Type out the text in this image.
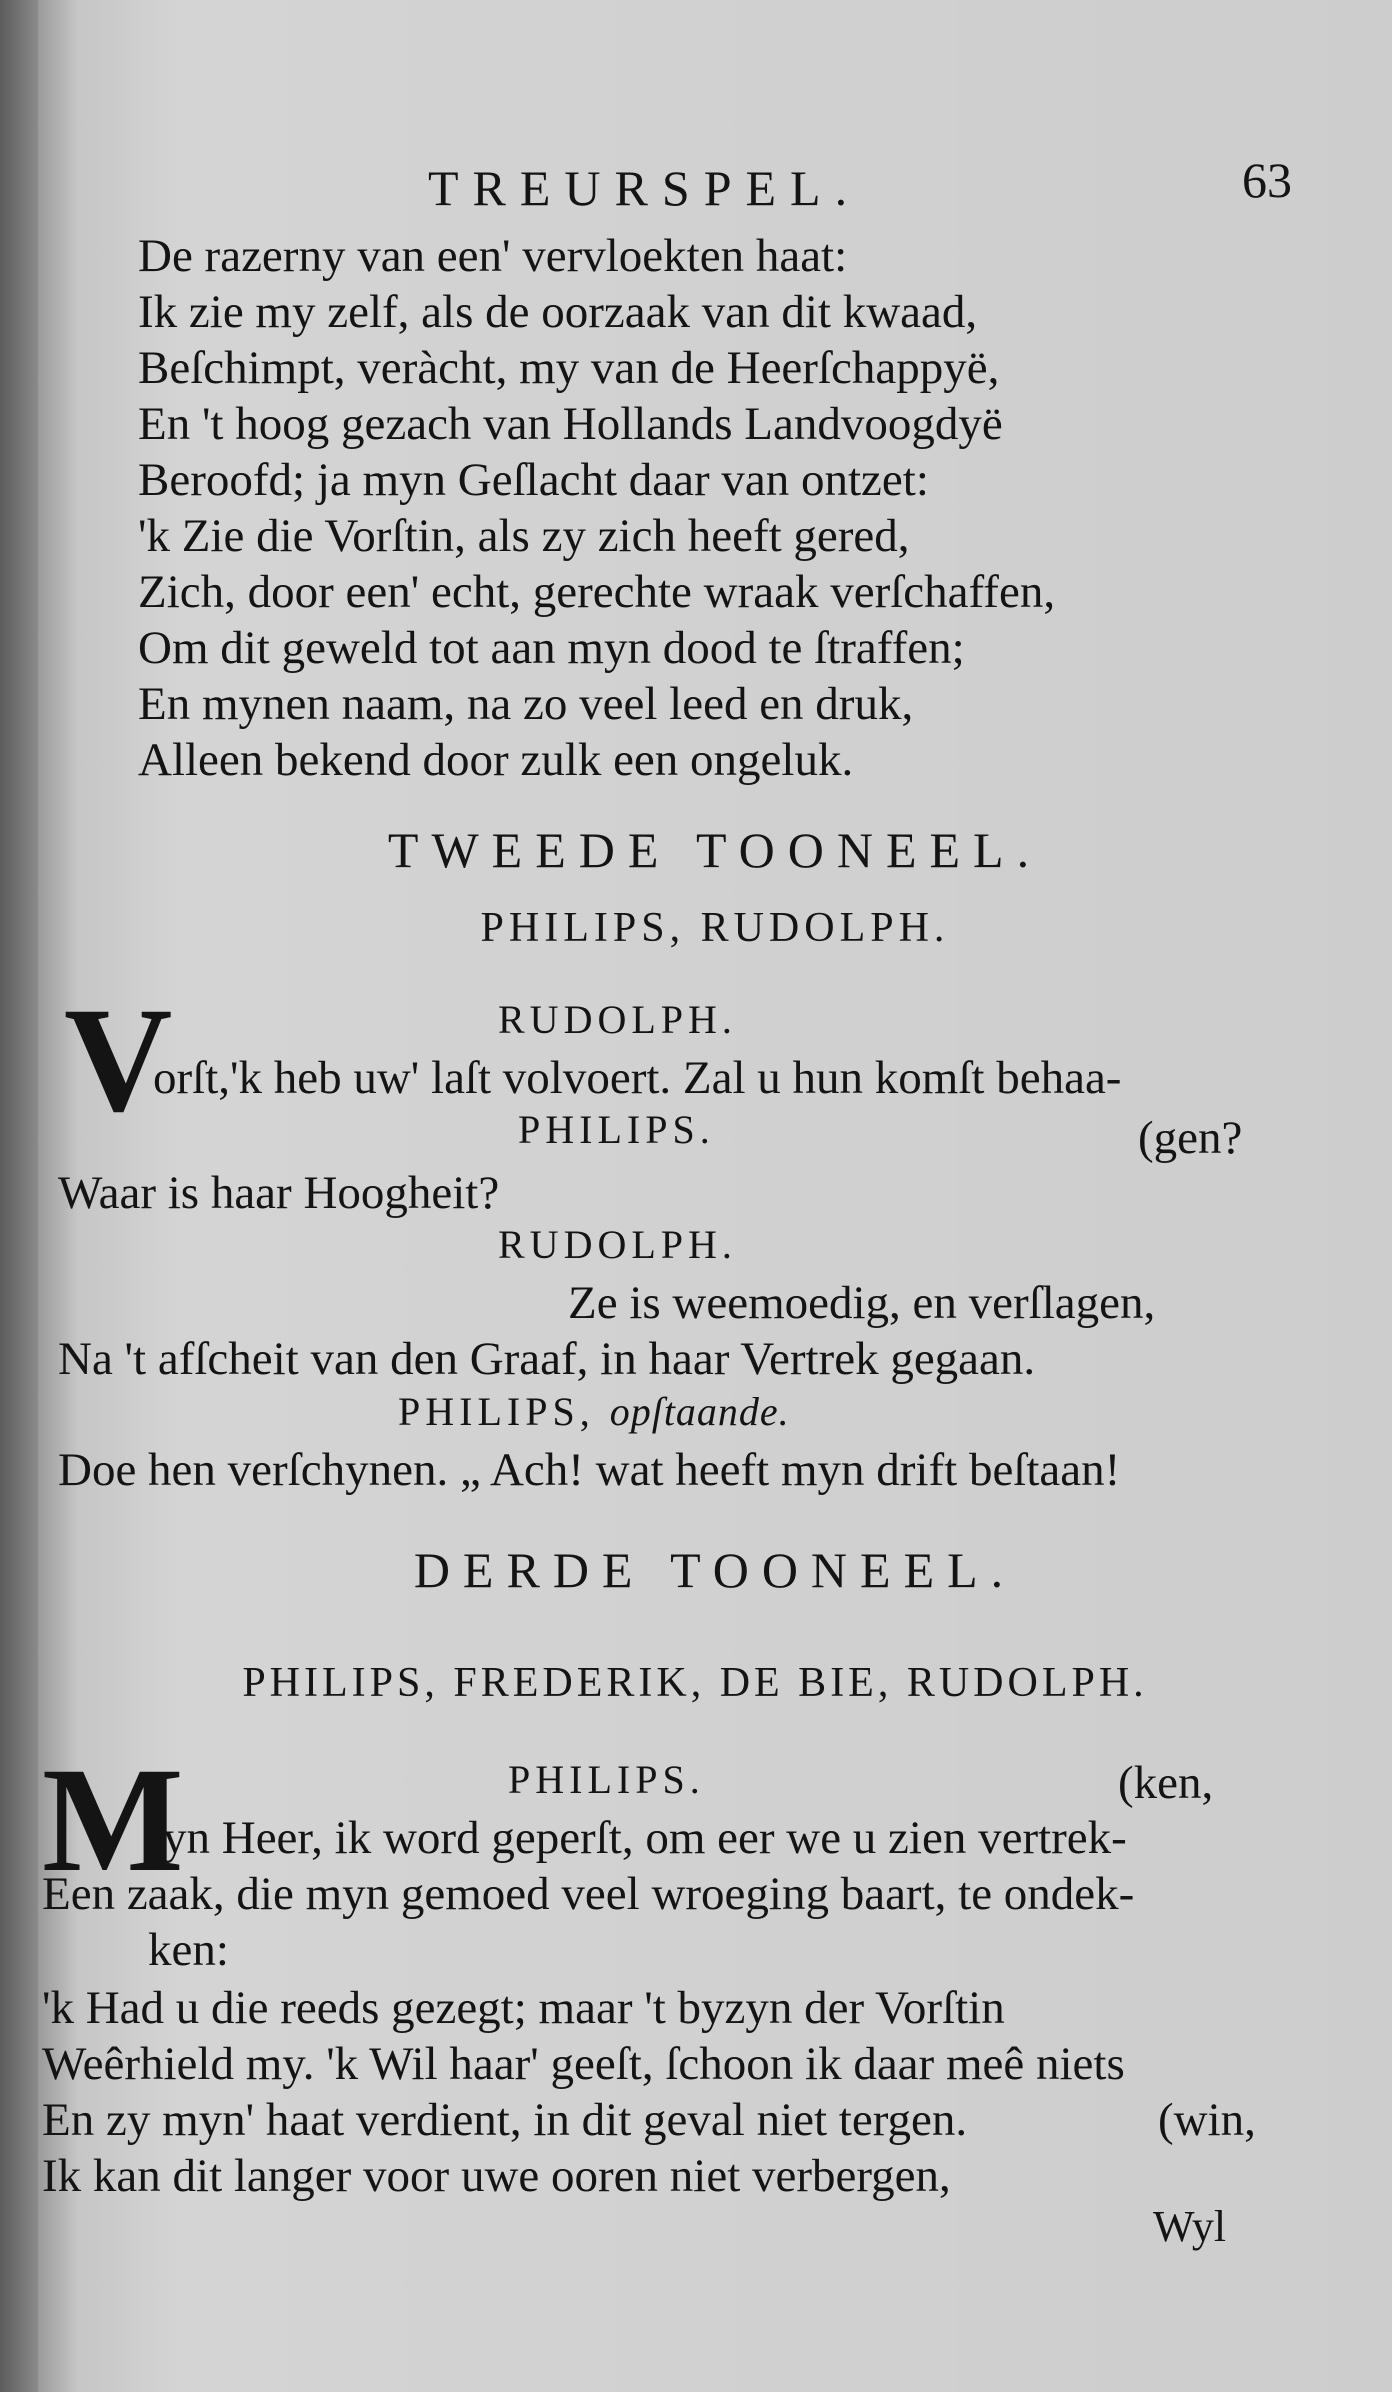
TREURSPEL.	63
De razerny van een' vervloekten haat:
Ik zie my zelf, als de oorzaak van dit kwaad,
Beſchimpt, veràcht, my van de Heerſchappyë,
En 't hoog gezach van Hollands Landvoogdyë
Beroofd; ja myn Geſlacht daar van ontzet:
'k Zie die Vorſtin, als zy zich heeft gered,
Zich, door een' echt, gerechte wraak verſchaffen,
Om dit geweld tot aan myn dood te ſtraffen;
En mynen naam, na zo veel leed en druk,
Alleen bekend door zulk een ongeluk.
TWEEDE TOONEEL.
PHILIPS, RUDOLPH.
RUDOLPH.
V
orſt,'k heb uw' laſt volvoert. Zal u hun komſt behaa-
PHILIPS.	(gen?
Waar is haar Hoogheit?
RUDOLPH.
Ze is weemoedig, en verſlagen,
Na 't afſcheit van den Graaf, in haar Vertrek gegaan.
PHILIPS, opſtaande.
Doe hen verſchynen. „ Ach! wat heeft myn drift beſtaan!
DERDE TOONEEL.
PHILIPS, FREDERIK, DE BIE, RUDOLPH.
PHILIPS.	(ken,
M
yn Heer, ik word geperſt, om eer we u zien vertrek-
Een zaak, die myn gemoed veel wroeging baart, te ondek-
ken:
'k Had u die reeds gezegt; maar 't byzyn der Vorſtin
Weêrhield my. 'k Wil haar' geeſt, ſchoon ik daar meê niets
En zy myn' haat verdient, in dit geval niet tergen.	(win,
Ik kan dit langer voor uwe ooren niet verbergen,
Wyl
